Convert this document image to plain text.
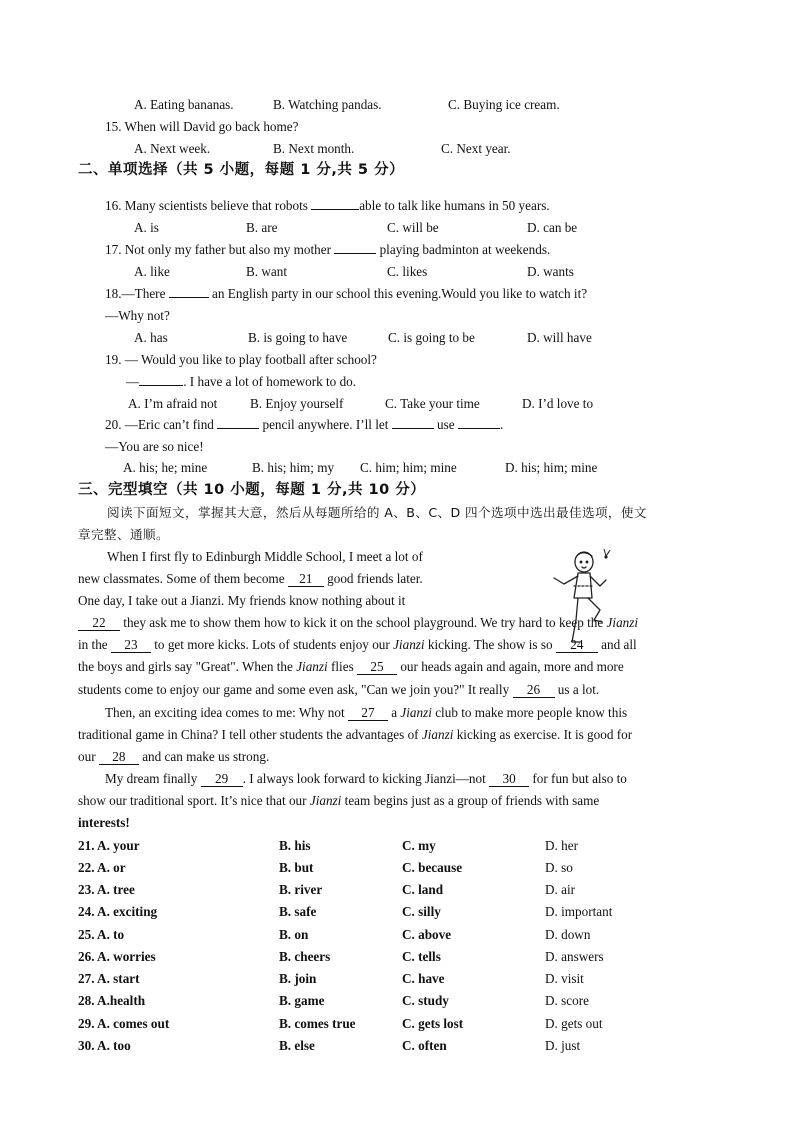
A. Eating bananas.	B. Watching pandas.	C. Buying ice cream.
15. When will David go back home?
A. Next week.	B. Next month.	C. Next year.
二、单项选择（共 5 小题，每题 1 分,共 5 分）
16. Many scientists believe that robots	able to talk like humans in 50 years.
A. is	B. are	C. will be	D. can be
17. Not only my father but also my mother	playing badminton at weekends.
A. like	B. want	C. likes	D. wants
18.—There	an English party in our school this evening.Would you like to watch it?
—Why not?
A. has	B. is going to have	C. is going to be	D. will have
19. — Would you like to play football after school?
—	. I have a lot of homework to do.
A. I’m afraid not B. Enjoy yourself	C. Take your time	D. I’d love to
20. —Eric can’t find	pencil anywhere. I’ll let	use	.
—You are so nice!
A. his; he; mine	B. his; him; my C. him; him; mine	D. his; him; mine
三、完型填空（共 10 小题，每题 1 分,共 10 分）
阅读下面短文，掌握其大意，然后从每题所给的 A、B、C、D 四个选项中选出最佳选项，使文
章完整、通顺。
When I first fly to Edinburgh Middle School, I meet a lot of
new classmates. Some of them become 21 good friends later.
One day, I take out a Jianzi. My friends know nothing about it
22 they ask me to show them how to kick it on the school playground. We try hard to keep the Jianzi
in the 23 to get more kicks. Lots of students enjoy our Jianzi kicking. The show is so 24 and all
the boys and girls say "Great". When the Jianzi flies 25 our heads again and again, more and more
students come to enjoy our game and some even ask, "Can we join you?" It really 26 us a lot.
Then, an exciting idea comes to me: Why not 27 a Jianzi club to make more people know this
traditional game in China? I tell other students the advantages of Jianzi kicking as exercise. It is good for
our 28 and can make us strong.
My dream finally 29 . I always look forward to kicking Jianzi—not 30 for fun but also to
show our traditional sport. It’s nice that our Jianzi team begins just as a group of friends with same
interests!
21. A. your	B. his	C. my	D. her
22. A. or	B. but	C. because	D. so
23. A. tree	B. river	C. land	D. air
24. A. exciting	B. safe	C. silly	D. important
25. A. to	B. on	C. above	D. down
26. A. worries	B. cheers	C. tells	D. answers
27. A. start	B. join	C. have	D. visit
28. A.health	B. game	C. study	D. score
29. A. comes out	B. comes true	C. gets lost	D. gets out
30. A. too	B. else	C. often	D. just
